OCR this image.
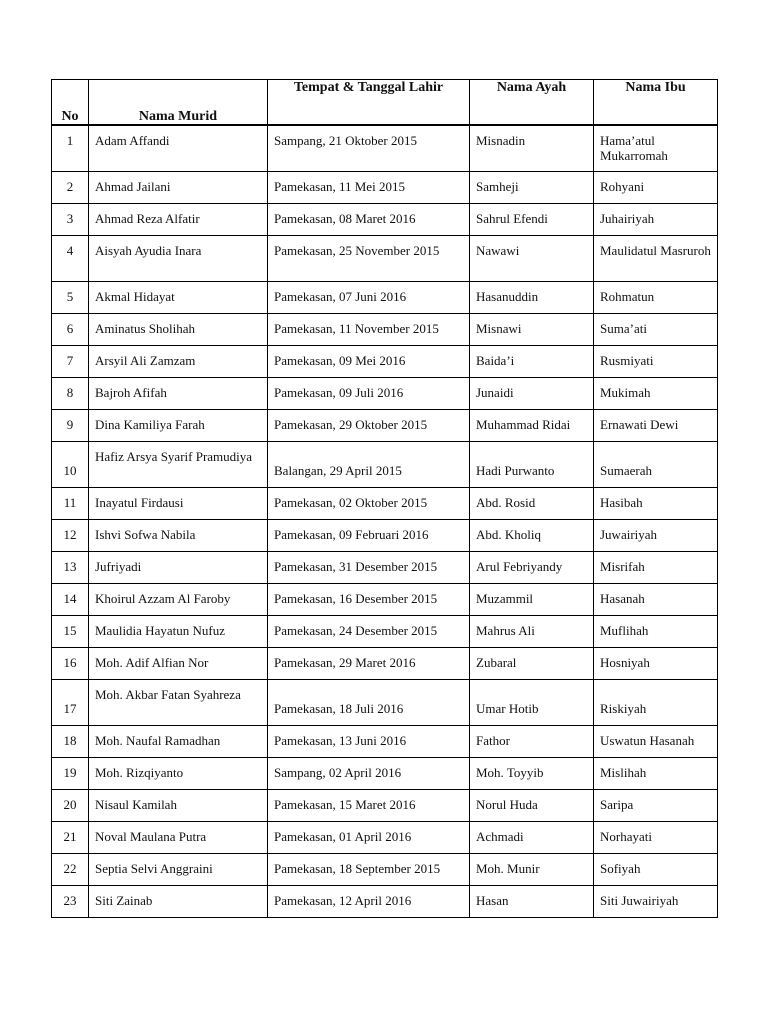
No	Nama Murid	Tempat & Tanggal Lahir	Nama Ayah	Nama Ibu

1	Adam Affandi	Sampang, 21 Oktober 2015	Misnadin	Hama’atul Mukarromah

2	Ahmad Jailani	Pamekasan, 11 Mei 2015	Samheji	Rohyani

3	Ahmad Reza Alfatir	Pamekasan, 08 Maret 2016	Sahrul Efendi	Juhairiyah

4	Aisyah Ayudia Inara	Pamekasan, 25 November 2015	Nawawi	Maulidatul Masruroh

5	Akmal Hidayat	Pamekasan, 07 Juni 2016	Hasanuddin	Rohmatun

6	Aminatus Sholihah	Pamekasan, 11 November 2015	Misnawi	Suma’ati

7	Arsyil Ali Zamzam	Pamekasan, 09 Mei 2016	Baida’i	Rusmiyati

8	Bajroh Afifah	Pamekasan, 09 Juli 2016	Junaidi	Mukimah

9	Dina Kamiliya Farah	Pamekasan, 29 Oktober 2015	Muhammad Ridai	Ernawati Dewi

10	Hafiz Arsya Syarif Pramudiya	Balangan, 29 April 2015	Hadi Purwanto	Sumaerah

11	Inayatul Firdausi	Pamekasan, 02 Oktober 2015	Abd. Rosid	Hasibah

12	Ishvi Sofwa Nabila	Pamekasan, 09 Februari 2016	Abd. Kholiq	Juwairiyah

13	Jufriyadi	Pamekasan, 31 Desember 2015	Arul Febriyandy	Misrifah

14	Khoirul Azzam Al Faroby	Pamekasan, 16 Desember 2015	Muzammil	Hasanah

15	Maulidia Hayatun Nufuz	Pamekasan, 24 Desember 2015	Mahrus Ali	Muflihah

16	Moh. Adif Alfian Nor	Pamekasan, 29 Maret 2016	Zubaral	Hosniyah

17	Moh. Akbar Fatan Syahreza	Pamekasan, 18 Juli 2016	Umar Hotib	Riskiyah

18	Moh. Naufal Ramadhan	Pamekasan, 13 Juni 2016	Fathor	Uswatun Hasanah

19	Moh. Rizqiyanto	Sampang, 02 April 2016	Moh. Toyyib	Mislihah

20	Nisaul Kamilah	Pamekasan, 15 Maret 2016	Norul Huda	Saripa

21	Noval Maulana Putra	Pamekasan, 01 April 2016	Achmadi	Norhayati

22	Septia Selvi Anggraini	Pamekasan, 18 September 2015	Moh. Munir	Sofiyah

23	Siti Zainab	Pamekasan, 12 April 2016	Hasan	Siti Juwairiyah
